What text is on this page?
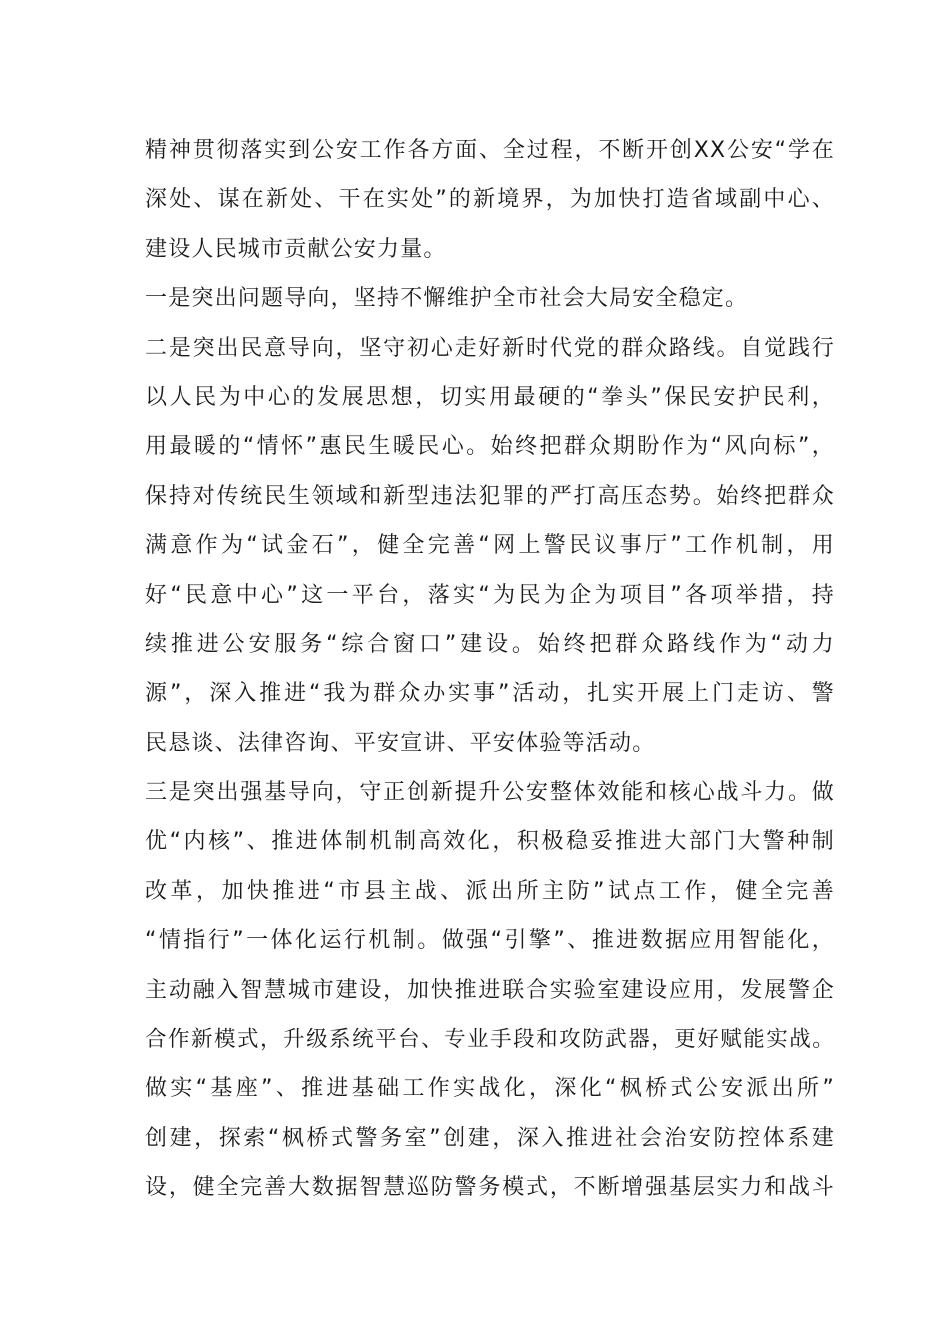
精神贯彻落实到公安工作各方面、全过程，不断开创XX公安“学在
深处、谋在新处、干在实处”的新境界，为加快打造省域副中心、
建设人民城市贡献公安力量。
一是突出问题导向，坚持不懈维护全市社会大局安全稳定。
二是突出民意导向，坚守初心走好新时代党的群众路线。自觉践行
以人民为中心的发展思想，切实用最硬的“拳头”保民安护民利，
用最暖的“情怀”惠民生暖民心。始终把群众期盼作为“风向标”，
保持对传统民生领域和新型违法犯罪的严打高压态势。始终把群众
满意作为“试金石”，健全完善“网上警民议事厅”工作机制，用
好“民意中心”这一平台，落实“为民为企为项目”各项举措，持
续推进公安服务“综合窗口”建设。始终把群众路线作为“动力
源”，深入推进“我为群众办实事”活动，扎实开展上门走访、警
民恳谈、法律咨询、平安宣讲、平安体验等活动。
三是突出强基导向，守正创新提升公安整体效能和核心战斗力。做
优“内核”、推进体制机制高效化，积极稳妥推进大部门大警种制
改革，加快推进“市县主战、派出所主防”试点工作，健全完善
“情指行”一体化运行机制。做强“引擎”、推进数据应用智能化，
主动融入智慧城市建设，加快推进联合实验室建设应用，发展警企
合作新模式，升级系统平台、专业手段和攻防武器，更好赋能实战。
做实“基座”、推进基础工作实战化，深化“枫桥式公安派出所”
创建，探索“枫桥式警务室”创建，深入推进社会治安防控体系建
设，健全完善大数据智慧巡防警务模式，不断增强基层实力和战斗
